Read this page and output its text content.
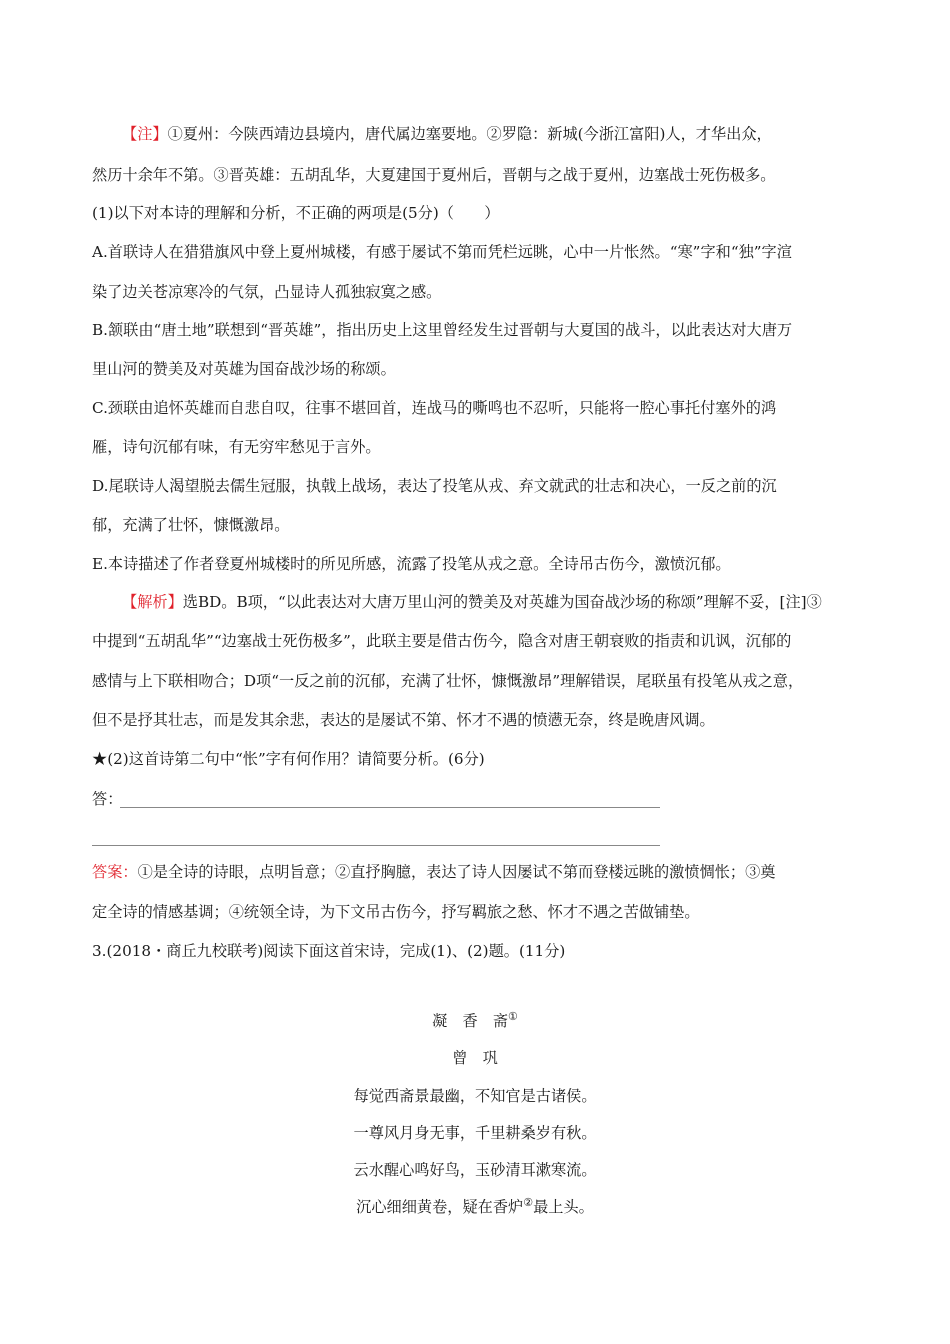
【注】①夏州：今陕西靖边县境内，唐代属边塞要地。②罗隐：新城(今浙江富阳)人，才华出众，
然历十余年不第。③晋英雄：五胡乱华，大夏建国于夏州后，晋朝与之战于夏州，边塞战士死伤极多。
(1)以下对本诗的理解和分析，不正确的两项是(5分)（　　）
A.首联诗人在猎猎旗风中登上夏州城楼，有感于屡试不第而凭栏远眺，心中一片怅然。“寒”字和“独”字渲
染了边关苍凉寒冷的气氛，凸显诗人孤独寂寞之感。
B.颔联由“唐土地”联想到“晋英雄”，指出历史上这里曾经发生过晋朝与大夏国的战斗，以此表达对大唐万
里山河的赞美及对英雄为国奋战沙场的称颂。
C.颈联由追怀英雄而自悲自叹，往事不堪回首，连战马的嘶鸣也不忍听，只能将一腔心事托付塞外的鸿
雁，诗句沉郁有味，有无穷牢愁见于言外。
D.尾联诗人渴望脱去儒生冠服，执戟上战场，表达了投笔从戎、弃文就武的壮志和决心，一反之前的沉
郁，充满了壮怀，慷慨激昂。
E.本诗描述了作者登夏州城楼时的所见所感，流露了投笔从戎之意。全诗吊古伤今，激愤沉郁。
【解析】选BD。B项，“以此表达对大唐万里山河的赞美及对英雄为国奋战沙场的称颂”理解不妥，[注]③
中提到“五胡乱华”“边塞战士死伤极多”，此联主要是借古伤今，隐含对唐王朝衰败的指责和讥讽，沉郁的
感情与上下联相吻合；D项“一反之前的沉郁，充满了壮怀，慷慨激昂”理解错误，尾联虽有投笔从戎之意，
但不是抒其壮志，而是发其余悲，表达的是屡试不第、怀才不遇的愤懑无奈，终是晚唐风调。
★(2)这首诗第二句中“怅”字有何作用？请简要分析。(6分)
答：
答案：①是全诗的诗眼，点明旨意；②直抒胸臆，表达了诗人因屡试不第而登楼远眺的激愤惆怅；③奠
定全诗的情感基调；④统领全诗，为下文吊古伤今，抒写羁旅之愁、怀才不遇之苦做铺垫。
3.(2018・商丘九校联考)阅读下面这首宋诗，完成(1)、(2)题。(11分)
凝　香　斋①
曾　巩
每觉西斋景最幽，不知官是古诸侯。
一尊风月身无事，千里耕桑岁有秋。
云水醒心鸣好鸟，玉砂清耳漱寒流。
沉心细细黄卷，疑在香炉②最上头。
